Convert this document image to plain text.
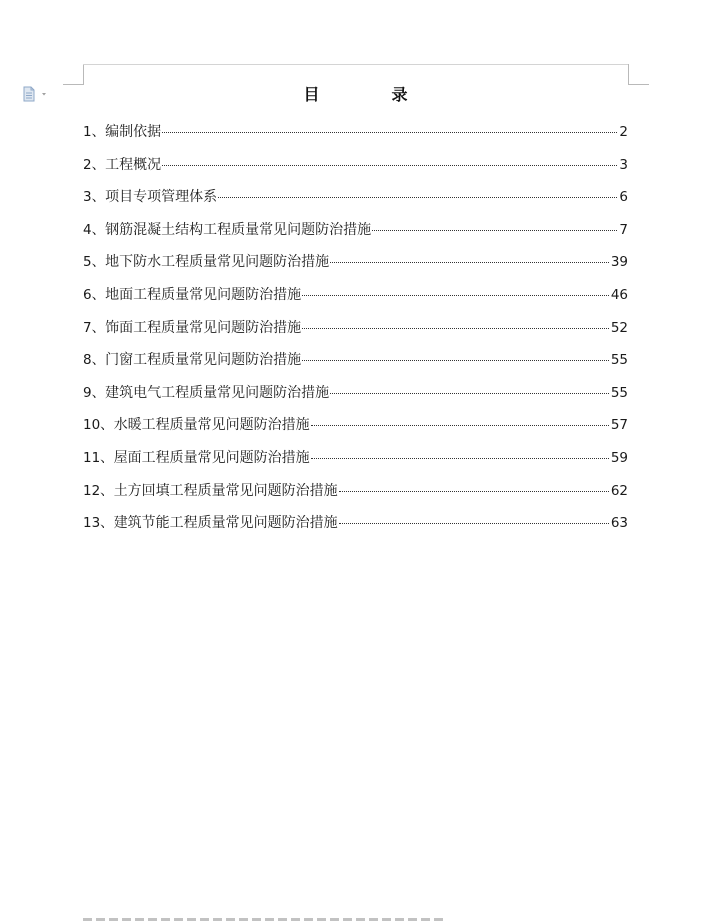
目	录
1、 编制依据	2
2、 工程概况	3
3、 项目专项管理体系	6
4、 钢筋混凝土结构工程质量常见问题防治措施	7
5、 地下防水工程质量常见问题防治措施	39
6、 地面工程质量常见问题防治措施	46
7、 饰面工程质量常见问题防治措施	52
8、 门窗工程质量常见问题防治措施	55
9、 建筑电气工程质量常见问题防治措施	55
10、 水暖工程质量常见问题防治措施	57
11、 屋面工程质量常见问题防治措施	59
12、 土方回填工程质量常见问题防治措施	62
13、 建筑节能工程质量常见问题防治措施	63
